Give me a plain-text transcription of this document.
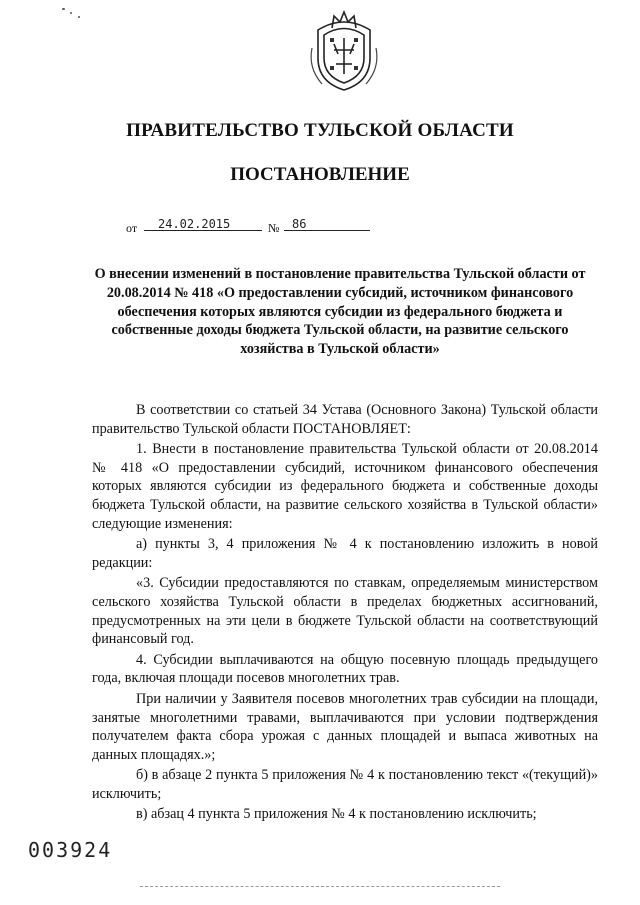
ПРАВИТЕЛЬСТВО ТУЛЬСКОЙ ОБЛАСТИ
ПОСТАНОВЛЕНИЕ
от	24.02.2015	№	86
О внесении изменений в постановление правительства Тульской области от 20.08.2014 № 418 «О предоставлении субсидий, источником финансового обеспечения которых являются субсидии из федерального бюджета и собственные доходы бюджета Тульской области, на развитие сельского хозяйства в Тульской области»

В соответствии со статьей 34 Устава (Основного Закона) Тульской области правительство Тульской области ПОСТАНОВЛЯЕТ:

1. Внести в постановление правительства Тульской области от 20.08.2014 № 418 «О предоставлении субсидий, источником финансового обеспечения которых являются субсидии из федерального бюджета и собственные доходы бюджета Тульской области, на развитие сельского хозяйства в Тульской области» следующие изменения:

а) пункты 3, 4 приложения № 4 к постановлению изложить в новой редакции:

«3. Субсидии предоставляются по ставкам, определяемым министерством сельского хозяйства Тульской области в пределах бюджетных ассигнований, предусмотренных на эти цели в бюджете Тульской области на соответствующий финансовый год.

4. Субсидии выплачиваются на общую посевную площадь предыдущего года, включая площади посевов многолетних трав.

При наличии у Заявителя посевов многолетних трав субсидии на площади, занятые многолетними травами, выплачиваются при условии подтверждения получателем факта сбора урожая с данных площадей и выпаса животных на данных площадях.»;

б) в абзаце 2 пункта 5 приложения № 4 к постановлению текст «(текущий)» исключить;

в) абзац 4 пункта 5 приложения № 4 к постановлению исключить;

003924
